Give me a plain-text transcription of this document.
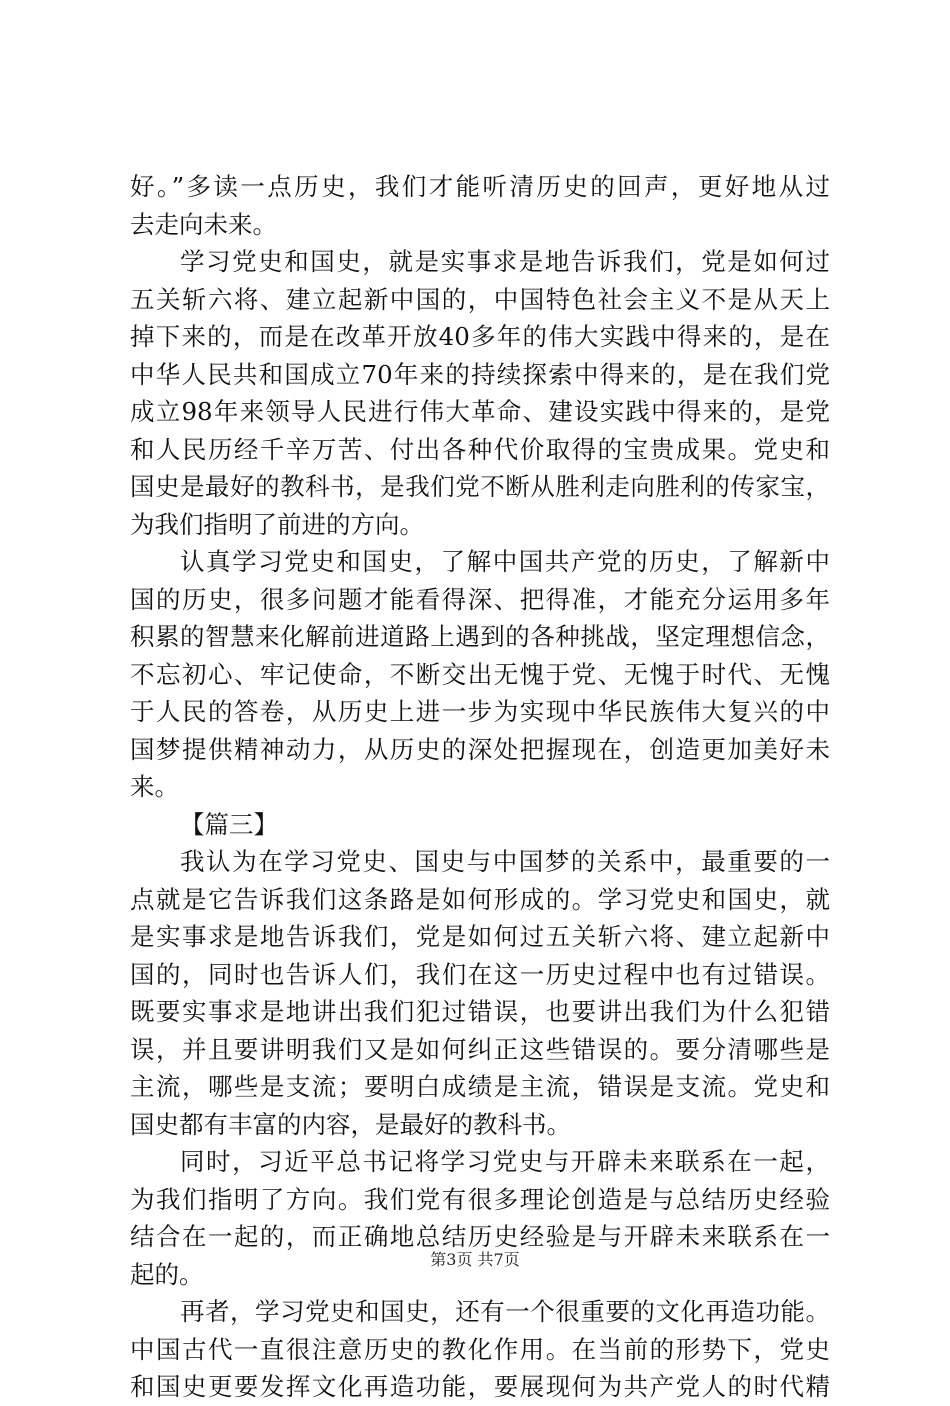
好。”多读一点历史，我们才能听清历史的回声，更好地从过
去走向未来。
学习党史和国史，就是实事求是地告诉我们，党是如何过
五关斩六将、建立起新中国的，中国特色社会主义不是从天上
掉下来的，而是在改革开放40多年的伟大实践中得来的，是在
中华人民共和国成立70年来的持续探索中得来的，是在我们党
成立98年来领导人民进行伟大革命、建设实践中得来的，是党
和人民历经千辛万苦、付出各种代价取得的宝贵成果。党史和
国史是最好的教科书，是我们党不断从胜利走向胜利的传家宝，
为我们指明了前进的方向。
认真学习党史和国史，了解中国共产党的历史，了解新中
国的历史，很多问题才能看得深、把得准，才能充分运用多年
积累的智慧来化解前进道路上遇到的各种挑战，坚定理想信念，
不忘初心、牢记使命，不断交出无愧于党、无愧于时代、无愧
于人民的答卷，从历史上进一步为实现中华民族伟大复兴的中
国梦提供精神动力，从历史的深处把握现在，创造更加美好未
来。
【篇三】
我认为在学习党史、国史与中国梦的关系中，最重要的一
点就是它告诉我们这条路是如何形成的。学习党史和国史，就
是实事求是地告诉我们，党是如何过五关斩六将、建立起新中
国的，同时也告诉人们，我们在这一历史过程中也有过错误。
既要实事求是地讲出我们犯过错误，也要讲出我们为什么犯错
误，并且要讲明我们又是如何纠正这些错误的。要分清哪些是
主流，哪些是支流；要明白成绩是主流，错误是支流。党史和
国史都有丰富的内容，是最好的教科书。
同时，习近平总书记将学习党史与开辟未来联系在一起，
为我们指明了方向。我们党有很多理论创造是与总结历史经验
结合在一起的，而正确地总结历史经验是与开辟未来联系在一
起的。
再者，学习党史和国史，还有一个很重要的文化再造功能。
中国古代一直很注意历史的教化作用。在当前的形势下，党史
和国史更要发挥文化再造功能，要展现何为共产党人的时代精
第3页 共7页
